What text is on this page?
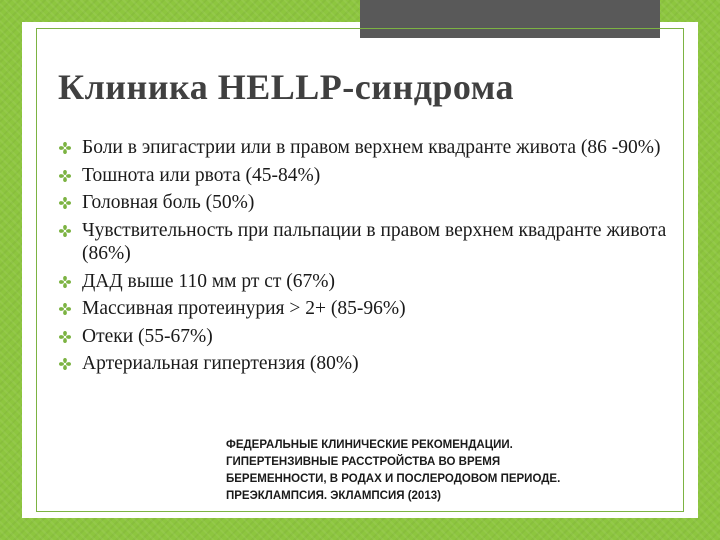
Клиника HELLP-синдрома
Боли в эпигастрии или в правом верхнем квадранте живота (86 -90%)
Тошнота или рвота (45-84%)
Головная боль (50%)
Чувствительность при пальпации в правом верхнем квадранте живота (86%)
ДАД выше 110 мм рт ст (67%)
Массивная протеинурия > 2+ (85-96%)
Отеки (55-67%)
Артериальная гипертензия (80%)

ФЕДЕРАЛЬНЫЕ КЛИНИЧЕСКИЕ РЕКОМЕНДАЦИИ.
ГИПЕРТЕНЗИВНЫЕ РАССТРОЙСТВА ВО ВРЕМЯ
БЕРЕМЕННОСТИ, В РОДАХ И ПОСЛЕРОДОВОМ ПЕРИОДЕ.
ПРЕЭКЛАМПСИЯ. ЭКЛАМПСИЯ (2013)
